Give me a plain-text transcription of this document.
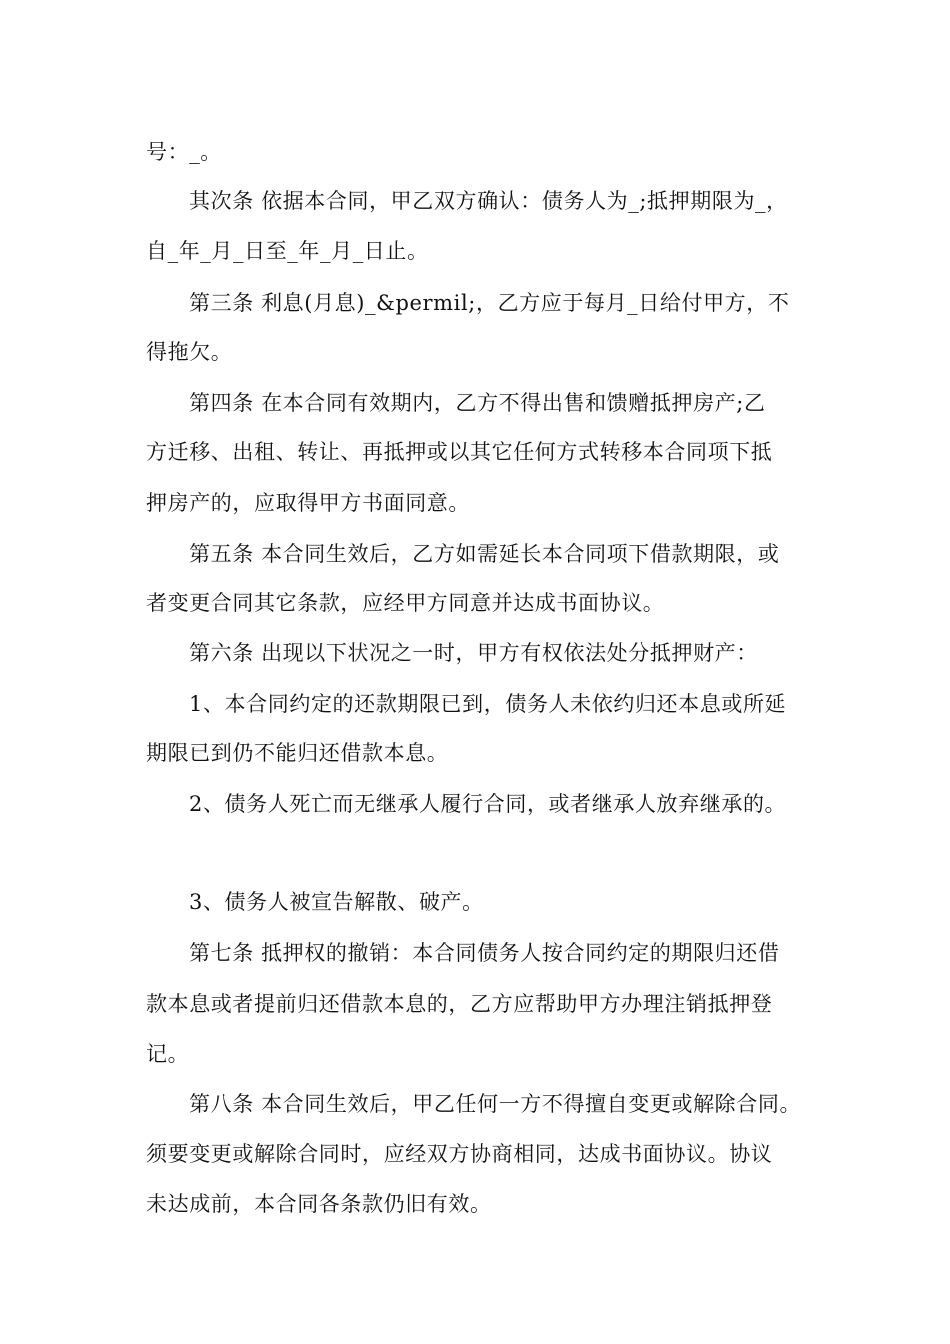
号：_。
其次条 依据本合同，甲乙双方确认：债务人为_;抵押期限为_，
自_年_月_日至_年_月_日止。
第三条 利息(月息)_&permil;，乙方应于每月_日给付甲方，不
得拖欠。
第四条 在本合同有效期内，乙方不得出售和馈赠抵押房产;乙
方迁移、出租、转让、再抵押或以其它任何方式转移本合同项下抵
押房产的，应取得甲方书面同意。
第五条 本合同生效后，乙方如需延长本合同项下借款期限，或
者变更合同其它条款，应经甲方同意并达成书面协议。
第六条 出现以下状况之一时，甲方有权依法处分抵押财产：
1、本合同约定的还款期限已到，债务人未依约归还本息或所延
期限已到仍不能归还借款本息。
2、债务人死亡而无继承人履行合同，或者继承人放弃继承的。
3、债务人被宣告解散、破产。
第七条 抵押权的撤销：本合同债务人按合同约定的期限归还借
款本息或者提前归还借款本息的，乙方应帮助甲方办理注销抵押登
记。
第八条 本合同生效后，甲乙任何一方不得擅自变更或解除合同。
须要变更或解除合同时，应经双方协商相同，达成书面协议。协议
未达成前，本合同各条款仍旧有效。
